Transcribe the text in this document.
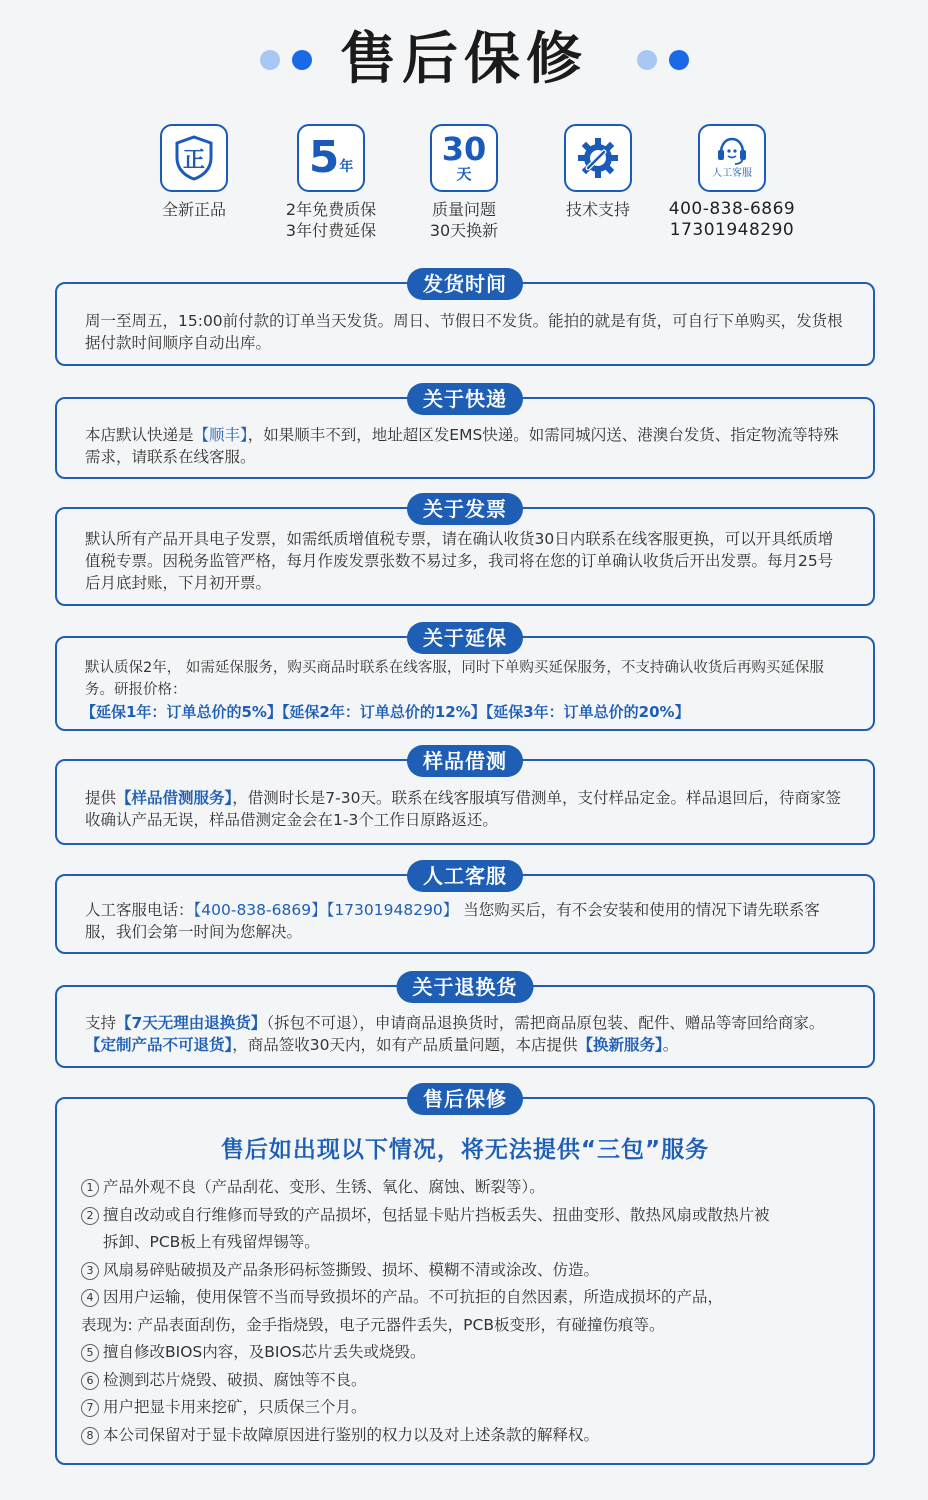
售后保修
正
全新正品
5 年
2年免费质保
3年付费延保
30
天
质量问题
30天换新
技术支持
人工客服
400-838-6869
17301948290
发货时间
周一至周五，15:00前付款的订单当天发货。周日、节假日不发货。能拍的就是有货，可自行下单购买，发货根据付款时间顺序自动出库。
关于快递
本店默认快递是【顺丰】，如果顺丰不到，地址超区发EMS快递。如需同城闪送、港澳台发货、指定物流等特殊需求，请联系在线客服。
关于发票
默认所有产品开具电子发票，如需纸质增值税专票，请在确认收货30日内联系在线客服更换，可以开具纸质增值税专票。因税务监管严格，每月作废发票张数不易过多，我司将在您的订单确认收货后开出发票。每月25号后月底封账，下月初开票。
关于延保
默认质保2年， 如需延保服务，购买商品时联系在线客服，同时下单购买延保服务，不支持确认收货后再购买延保服务。研报价格：
【延保1年：订单总价的5%】【延保2年：订单总价的12%】【延保3年：订单总价的20%】
样品借测
提供【样品借测服务】，借测时长是7-30天。联系在线客服填写借测单，支付样品定金。样品退回后，待商家签收确认产品无误，样品借测定金会在1-3个工作日原路返还。
人工客服
人工客服电话：【400-838-6869】【17301948290】 当您购买后，有不会安装和使用的情况下请先联系客服，我们会第一时间为您解决。
关于退换货
支持【7天无理由退换货】（拆包不可退），申请商品退换货时，需把商品原包装、配件、赠品等寄回给商家。【定制产品不可退货】，商品签收30天内，如有产品质量问题，本店提供【换新服务】。
售后保修
售后如出现以下情况，将无法提供“三包”服务
1 产品外观不良（产品刮花、变形、生锈、氧化、腐蚀、断裂等）。
2 擅自改动或自行维修而导致的产品损坏，包括显卡贴片挡板丢失、扭曲变形、散热风扇或散热片被
拆卸、PCB板上有残留焊锡等。
3 风扇易碎贴破损及产品条形码标签撕毁、损坏、模糊不清或涂改、仿造。
4 因用户运输，使用保管不当而导致损坏的产品。不可抗拒的自然因素，所造成损坏的产品，
表现为: 产品表面刮伤，金手指烧毁，电子元器件丢失，PCB板变形，有碰撞伤痕等。
5 擅自修改BIOS内容，及BIOS芯片丢失或烧毁。
6 检测到芯片烧毁、破损、腐蚀等不良。
7 用户把显卡用来挖矿，只质保三个月。
8 本公司保留对于显卡故障原因进行鉴别的权力以及对上述条款的解释权。
